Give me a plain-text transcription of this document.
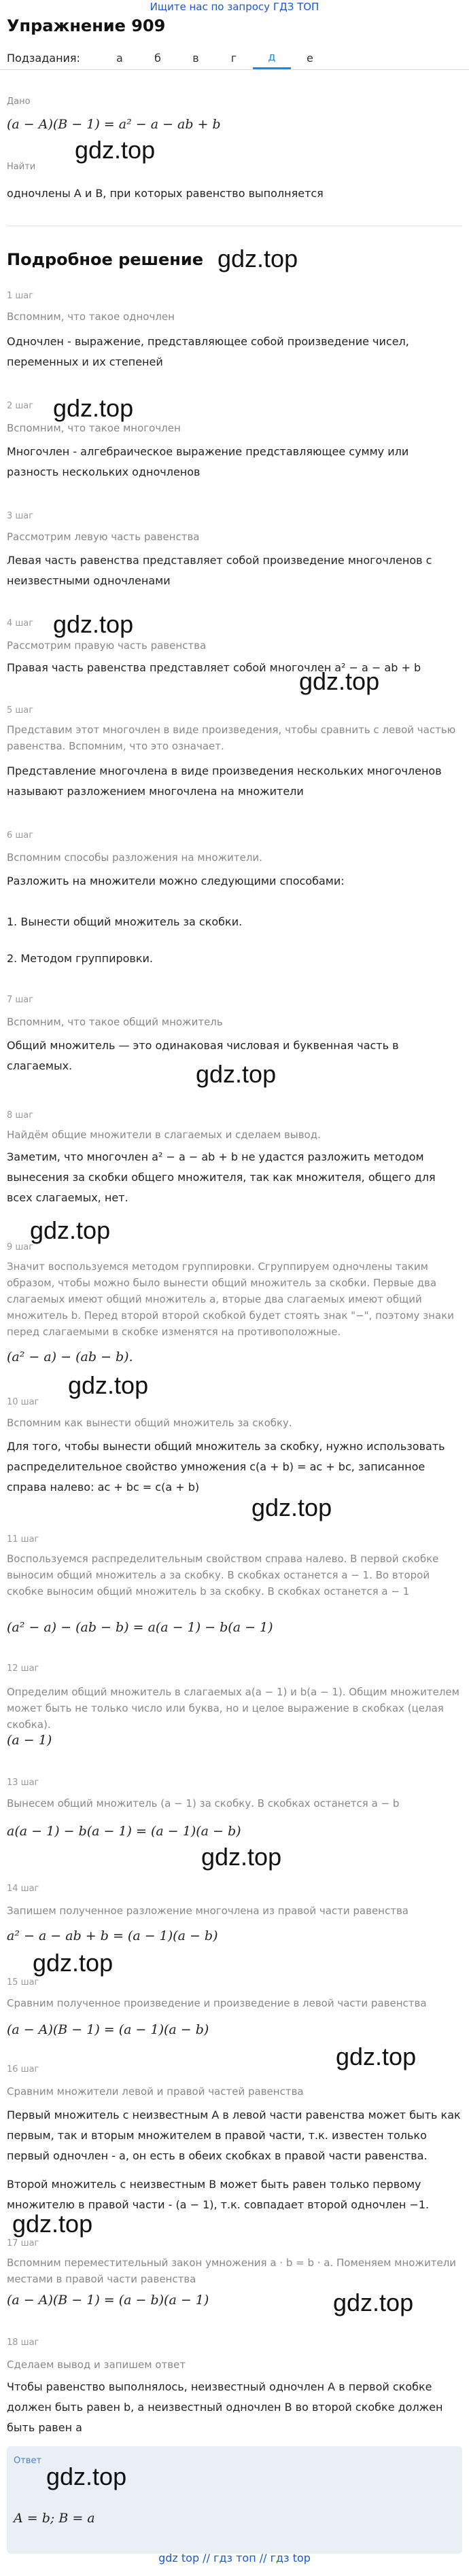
Ищите нас по запросу ГДЗ ТОП
Упражнение 909
Подзадания:	а	б	в	г	д	е
Дано
(a − A)(B − 1) = a² − a − ab + b
gdz.top
Найти
одночлены A и B, при которых равенство выполняется
Подробное решение gdz.top
1 шаг
Вспомним, что такое одночлен
Одночлен - выражение, представляющее собой произведение чисел, переменных и их степеней
2 шаг gdz.top
Вспомним, что такое многочлен
Многочлен - алгебраическое выражение представляющее сумму или разность нескольких одночленов
3 шаг
Рассмотрим левую часть равенства
Левая часть равенства представляет собой произведение многочленов с неизвестными одночленами
4 шаг gdz.top
Рассмотрим правую часть равенства
Правая часть равенства представляет собой многочлен a² − a − ab + b
gdz.top
5 шаг
Представим этот многочлен в виде произведения, чтобы сравнить с левой частью равенства. Вспомним, что это означает.
Представление многочлена в виде произведения нескольких многочленов называют разложением многочлена на множители
6 шаг
Вспомним способы разложения на множители.
Разложить на множители можно следующими способами:
1. Вынести общий множитель за скобки.
2. Методом группировки.
7 шаг
Вспомним, что такое общий множитель
Общий множитель — это одинаковая числовая и буквенная часть в слагаемых.	gdz.top
8 шаг
Найдём общие множители в слагаемых и сделаем вывод.
Заметим, что многочлен a² − a − ab + b не удастся разложить методом вынесения за скобки общего множителя, так как множителя, общего для всех слагаемых, нет.
gdz.top
9 шаг
Значит воспользуемся методом группировки. Сгруппируем одночлены таким образом, чтобы можно было вынести общий множитель за скобки. Первые два слагаемых имеют общий множитель a, вторые два слагаемых имеют общий множитель b. Перед второй второй скобкой будет стоять знак "−", поэтому знаки перед слагаемыми в скобке изменятся на противоположные.
(a² − a) − (ab − b).
gdz.top
10 шаг
Вспомним как вынести общий множитель за скобку.
Для того, чтобы вынести общий множитель за скобку, нужно использовать распределительное свойство умножения c(a + b) = ac + bc, записанное справа налево: ac + bc = c(a + b)
gdz.top
11 шаг
Воспользуемся распределительным свойством справа налево. В первой скобке выносим общий множитель a за скобку. В скобках останется a − 1. Во второй скобке выносим общий множитель b за скобку. В скобках останется a − 1
(a² − a) − (ab − b) = a(a − 1) − b(a − 1)
12 шаг
Определим общий множитель в слагаемых a(a − 1) и b(a − 1). Общим множителем может быть не только число или буква, но и целое выражение в скобках (целая скобка).
(a − 1)
13 шаг
Вынесем общий множитель (a − 1) за скобку. В скобках останется a − b
a(a − 1) − b(a − 1) = (a − 1)(a − b)
gdz.top
14 шаг
Запишем полученное разложение многочлена из правой части равенства
a² − a − ab + b = (a − 1)(a − b)
gdz.top
15 шаг
Сравним полученное произведение и произведение в левой части равенства
(a − A)(B − 1) = (a − 1)(a − b)
gdz.top
16 шаг
Сравним множители левой и правой частей равенства
Первый множитель с неизвестным A в левой части равенства может быть как первым, так и вторым множителем в правой части, т.к. известен только первый одночлен - a, он есть в обеих скобках в правой части равенства.
Второй множитель с неизвестным B может быть равен только первому множителю в правой части - (a − 1), т.к. совпадает второй одночлен −1.
gdz.top
17 шаг
Вспомним переместительный закон умножения a · b = b · a. Поменяем множители местами в правой части равенства
(a − A)(B − 1) = (a − b)(a − 1)	gdz.top
18 шаг
Сделаем вывод и запишем ответ
Чтобы равенство выполнялось, неизвестный одночлен A в первой скобке должен быть равен b, а неизвестный одночлен B во второй скобке должен быть равен a
Ответ
A = b; B = a
gdz.top
gdz top // гдз топ // гдз top
